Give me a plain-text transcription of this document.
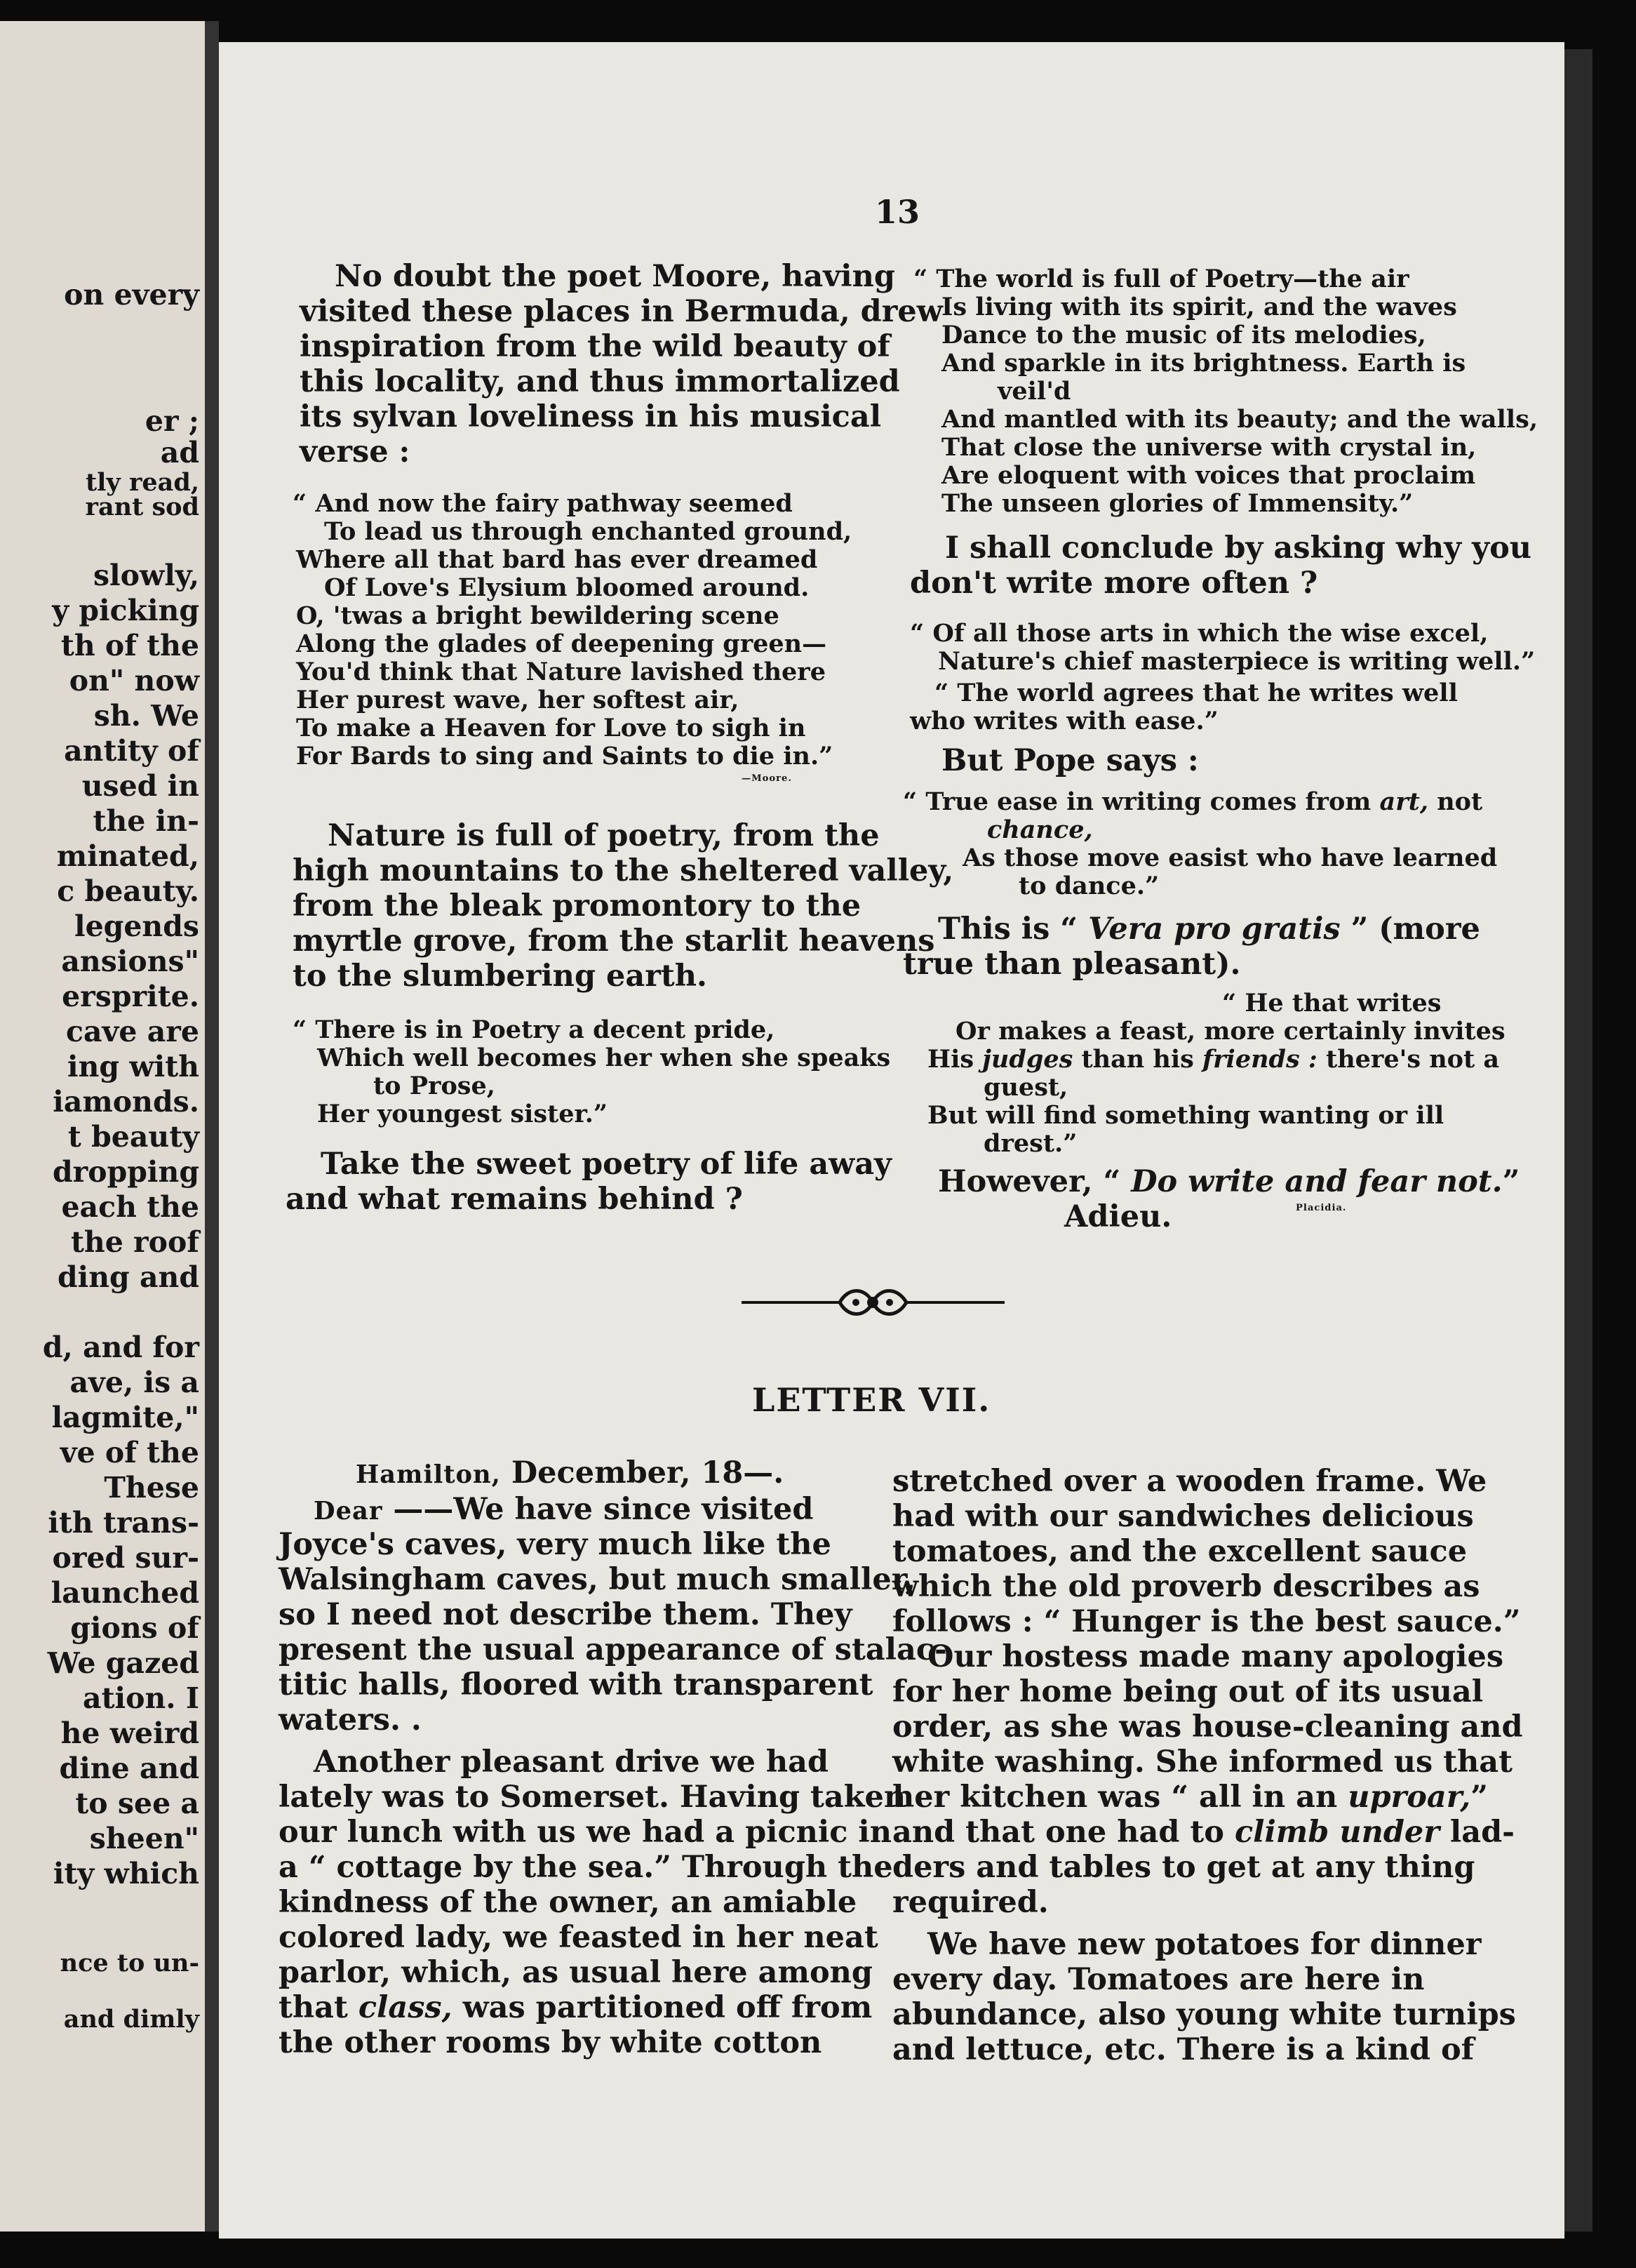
on every
er ;
ad
tly read,
rant sod
slowly,
y picking
th of the
on" now
sh. We
antity of
used in
the in-
minated,
c beauty.
legends
ansions"
ersprite.
cave are
ing with
iamonds.
t beauty
dropping
each the
the roof
ding and
d, and for
ave, is a
lagmite,"
ve of the
These
ith trans-
ored sur-
launched
gions of
We gazed
ation. I
he weird
dine and
to see a
sheen"
ity which
nce to un-
and dimly
13
No doubt the poet Moore, having
visited these places in Bermuda, drew
inspiration from the wild beauty of
this locality, and thus immortalized
its sylvan loveliness in his musical
verse :
“ And now the fairy pathway seemed
To lead us through enchanted ground,
Where all that bard has ever dreamed
Of Love's Elysium bloomed around.
O, 'twas a bright bewildering scene
Along the glades of deepening green—
You'd think that Nature lavished there
Her purest wave, her softest air,
To make a Heaven for Love to sigh in
For Bards to sing and Saints to die in.”
—Moore.
Nature is full of poetry, from the
high mountains to the sheltered valley,
from the bleak promontory to the
myrtle grove, from the starlit heavens
to the slumbering earth.
“ There is in Poetry a decent pride,
Which well becomes her when she speaks
to Prose,
Her youngest sister.”
Take the sweet poetry of life away
and what remains behind ?
“ The world is full of Poetry—the air
Is living with its spirit, and the waves
Dance to the music of its melodies,
And sparkle in its brightness. Earth is
veil'd
And mantled with its beauty; and the walls,
That close the universe with crystal in,
Are eloquent with voices that proclaim
The unseen glories of Immensity.”
I shall conclude by asking why you
don't write more often ?
“ Of all those arts in which the wise excel,
Nature's chief masterpiece is writing well.”
“ The world agrees that he writes well
who writes with ease.”
But Pope says :
“ True ease in writing comes from art, not
chance,
As those move easist who have learned
to dance.”
This is “ Vera pro gratis ” (more
true than pleasant).
“ He that writes
Or makes a feast, more certainly invites
His judges than his friends : there's not a
guest,
But will find something wanting or ill
drest.”
However, “ Do write and fear not.”
Adieu.	Placidia.
LETTER VII.
Hamilton, December, 18—.
Dear ——We have since visited
Joyce's caves, very much like the
Walsingham caves, but much smaller,
so I need not describe them. They
present the usual appearance of stalac-
titic halls, floored with transparent
waters. .
Another pleasant drive we had
lately was to Somerset. Having taken
our lunch with us we had a picnic in
a “ cottage by the sea.” Through the
kindness of the owner, an amiable
colored lady, we feasted in her neat
parlor, which, as usual here among
that class, was partitioned off from
the other rooms by white cotton
stretched over a wooden frame. We
had with our sandwiches delicious
tomatoes, and the excellent sauce
which the old proverb describes as
follows : “ Hunger is the best sauce.”
Our hostess made many apologies
for her home being out of its usual
order, as she was house-cleaning and
white washing. She informed us that
her kitchen was “ all in an uproar,”
and that one had to climb under lad-
ders and tables to get at any thing
required.
We have new potatoes for dinner
every day. Tomatoes are here in
abundance, also young white turnips
and lettuce, etc. There is a kind of
